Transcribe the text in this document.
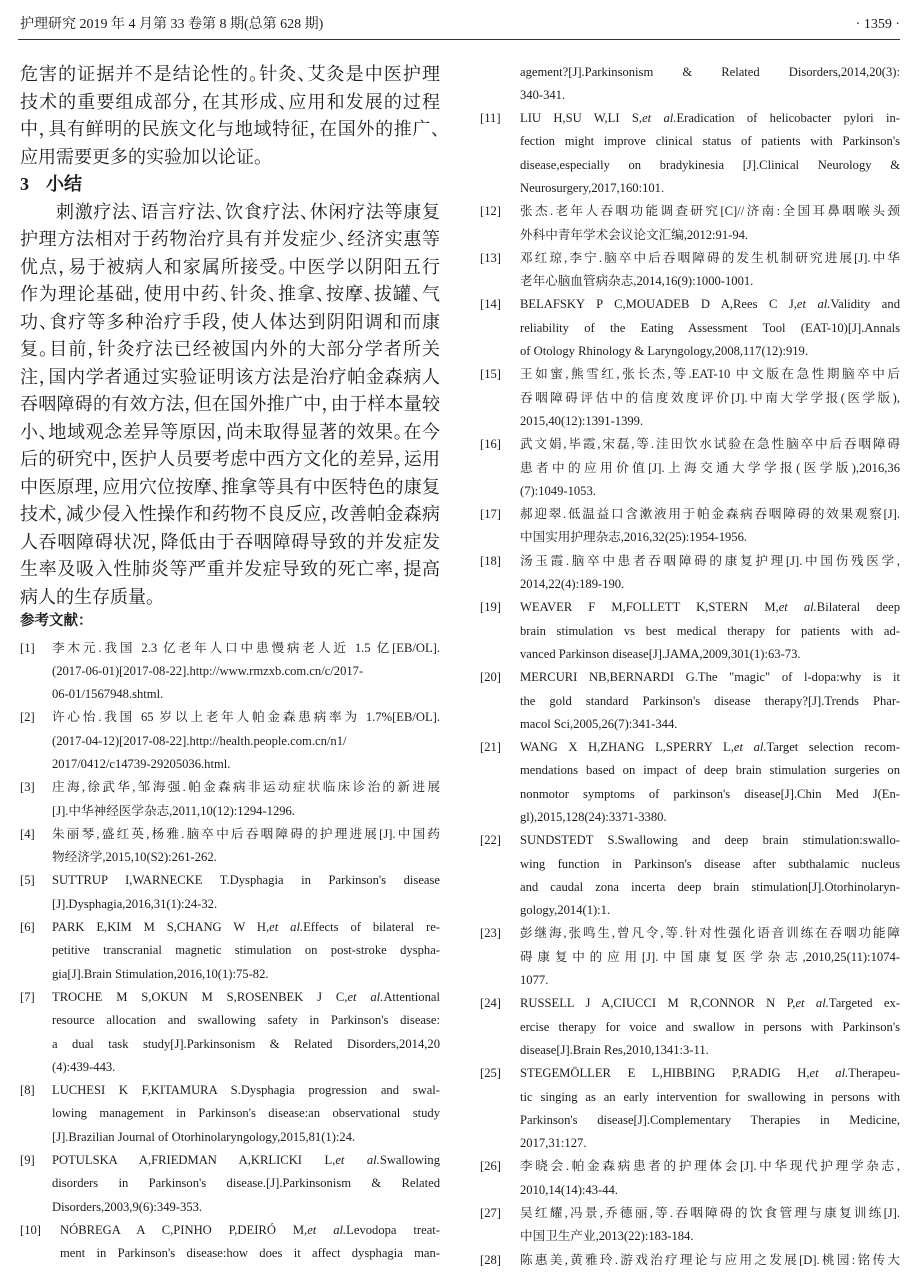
护理研究 2019 年 4 月第 33 卷第 8 期(总第 628 期)	· 1359 ·
危害的证据并不是结论性的。针灸、艾灸是中医护理
技术的重要组成部分，在其形成、应用和发展的过程
中，具有鲜明的民族文化与地域特征，在国外的推广、
应用需要更多的实验加以论证。
3 小结
刺激疗法、语言疗法、饮食疗法、休闲疗法等康复
护理方法相对于药物治疗具有并发症少、经济实惠等
优点，易于被病人和家属所接受。中医学以阴阳五行
作为理论基础，使用中药、针灸、推拿、按摩、拔罐、气
功、食疗等多种治疗手段，使人体达到阴阳调和而康
复。目前，针灸疗法已经被国内外的大部分学者所关
注，国内学者通过实验证明该方法是治疗帕金森病人
吞咽障碍的有效方法，但在国外推广中，由于样本量较
小、地域观念差异等原因，尚未取得显著的效果。在今
后的研究中，医护人员要考虑中西方文化的差异，运用
中医原理，应用穴位按摩、推拿等具有中医特色的康复
技术，减少侵入性操作和药物不良反应，改善帕金森病
人吞咽障碍状况，降低由于吞咽障碍导致的并发症发
生率及吸入性肺炎等严重并发症导致的死亡率，提高
病人的生存质量。
参考文献：
[1]	李木元.我国 2.3 亿老年人口中患慢病老人近 1.5 亿[EB/OL].
(2017-06-01)[2017-08-22].http://www.rmzxb.com.cn/c/2017-
06-01/1567948.shtml.
[2]	许心怡.我国 65 岁以上老年人帕金森患病率为 1.7%[EB/OL].
(2017-04-12)[2017-08-22].http://health.people.com.cn/n1/
2017/0412/c14739-29205036.html.
[3]	庄海,徐武华,邹海强.帕金森病非运动症状临床诊治的新进展
[J].中华神经医学杂志,2011,10(12):1294-1296.
[4]	朱丽琴,盛红英,杨雅.脑卒中后吞咽障碍的护理进展[J].中国药
物经济学,2015,10(S2):261-262.
[5]	SUTTRUP I,WARNECKE T.Dysphagia in Parkinson's disease
[J].Dysphagia,2016,31(1):24-32.
[6]	PARK E,KIM M S,CHANG W H,et al.Effects of bilateral re-
petitive transcranial magnetic stimulation on post-stroke dyspha-
gia[J].Brain Stimulation,2016,10(1):75-82.
[7]	TROCHE M S,OKUN M S,ROSENBEK J C,et al.Attentional
resource allocation and swallowing safety in Parkinson's disease:
a dual task study[J].Parkinsonism & Related Disorders,2014,20
(4):439-443.
[8]	LUCHESI K F,KITAMURA S.Dysphagia progression and swal-
lowing management in Parkinson's disease:an observational study
[J].Brazilian Journal of Otorhinolaryngology,2015,81(1):24.
[9]	POTULSKA A,FRIEDMAN A,KRLICKI L,et al.Swallowing
disorders in Parkinson's disease.[J].Parkinsonism & Related
Disorders,2003,9(6):349-353.
[10]	NÓBREGA A C,PINHO P,DEIRÓ M,et al.Levodopa treat-
ment in Parkinson's disease:how does it affect dysphagia man-
agement?[J].Parkinsonism & Related Disorders,2014,20(3):
340-341.
[11]	LIU H,SU W,LI S,et al.Eradication of helicobacter pylori in-
fection might improve clinical status of patients with Parkinson's
disease,especially on bradykinesia [J].Clinical Neurology &
Neurosurgery,2017,160:101.
[12]	张杰.老年人吞咽功能调查研究[C]//济南:全国耳鼻咽喉头颈
外科中青年学术会议论文汇编,2012:91-94.
[13]	邓红琼,李宁.脑卒中后吞咽障碍的发生机制研究进展[J].中华
老年心脑血管病杂志,2014,16(9):1000-1001.
[14]	BELAFSKY P C,MOUADEB D A,Rees C J,et al.Validity and
reliability of the Eating Assessment Tool (EAT-10)[J].Annals
of Otology Rhinology & Laryngology,2008,117(12):919.
[15]	王如蜜,熊雪红,张长杰,等.EAT-10 中文版在急性期脑卒中后
吞咽障碍评估中的信度效度评价[J].中南大学学报(医学版),
2015,40(12):1391-1399.
[16]	武文娟,毕霞,宋磊,等.洼田饮水试验在急性脑卒中后吞咽障碍
患者中的应用价值[J].上海交通大学学报(医学版),2016,36
(7):1049-1053.
[17]	郝迎翠.低温益口含漱液用于帕金森病吞咽障碍的效果观察[J].
中国实用护理杂志,2016,32(25):1954-1956.
[18]	汤玉霞.脑卒中患者吞咽障碍的康复护理[J].中国伤残医学,
2014,22(4):189-190.
[19]	WEAVER F M,FOLLETT K,STERN M,et al.Bilateral deep
brain stimulation vs best medical therapy for patients with ad-
vanced Parkinson disease[J].JAMA,2009,301(1):63-73.
[20]	MERCURI NB,BERNARDI G.The "magic" of l-dopa:why is it
the gold standard Parkinson's disease therapy?[J].Trends Phar-
macol Sci,2005,26(7):341-344.
[21]	WANG X H,ZHANG L,SPERRY L,et al.Target selection recom-
mendations based on impact of deep brain stimulation surgeries on
nonmotor symptoms of parkinson's disease[J].Chin Med J(En-
gl),2015,128(24):3371-3380.
[22]	SUNDSTEDT S.Swallowing and deep brain stimulation:swallo-
wing function in Parkinson's disease after subthalamic nucleus
and caudal zona incerta deep brain stimulation[J].Otorhinolaryn-
gology,2014(1):1.
[23]	彭继海,张鸣生,曾凡令,等.针对性强化语音训练在吞咽功能障
碍康复中的应用[J].中国康复医学杂志,2010,25(11):1074-
1077.
[24]	RUSSELL J A,CIUCCI M R,CONNOR N P,et al.Targeted ex-
ercise therapy for voice and swallow in persons with Parkinson's
disease[J].Brain Res,2010,1341:3-11.
[25]	STEGEMÖLLER E L,HIBBING P,RADIG H,et al.Therapeu-
tic singing as an early intervention for swallowing in persons with
Parkinson's disease[J].Complementary Therapies in Medicine,
2017,31:127.
[26]	李晓会.帕金森病患者的护理体会[J].中华现代护理学杂志,
2010,14(14):43-44.
[27]	吴红耀,冯景,乔德丽,等.吞咽障碍的饮食管理与康复训练[J].
中国卫生产业,2013(22):183-184.
[28]	陈惠美,黄雅玲.游戏治疗理论与应用之发展[D].桃园:铭传大
